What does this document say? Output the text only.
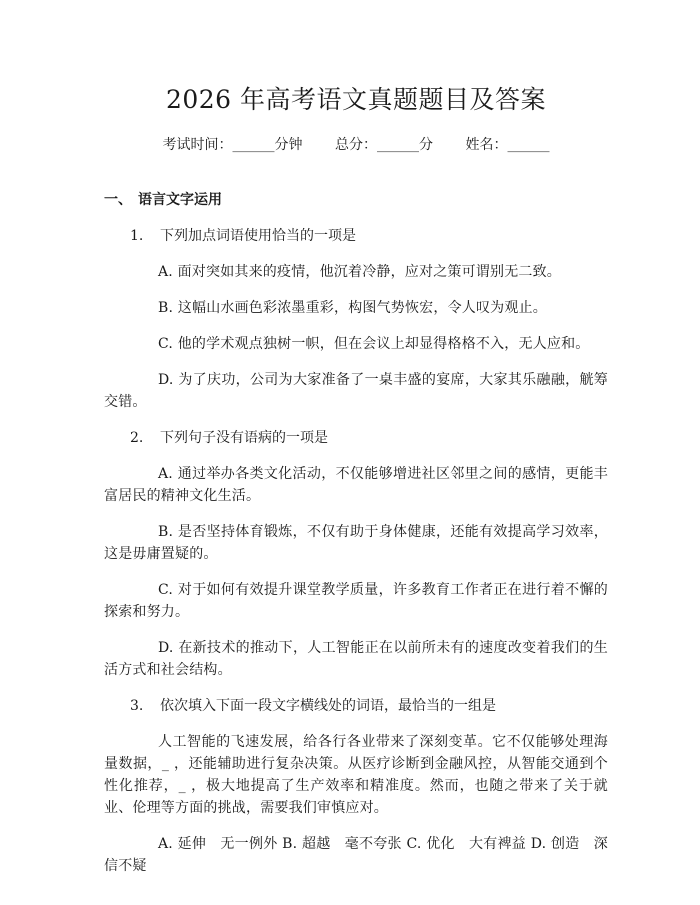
2026 年高考语文真题题目及答案
考试时间：______分钟 总分：______分 姓名：______
一、 语言文字运用
1. 下列加点词语使用恰当的一项是
A. 面对突如其来的疫情，他沉着冷静，应对之策可谓别无二致。
B. 这幅山水画色彩浓墨重彩，构图气势恢宏，令人叹为观止。
C. 他的学术观点独树一帜，但在会议上却显得格格不入，无人应和。
D. 为了庆功，公司为大家准备了一桌丰盛的宴席，大家其乐融融，觥筹交错。
2. 下列句子没有语病的一项是
A. 通过举办各类文化活动，不仅能够增进社区邻里之间的感情，更能丰富居民的精神文化生活。
B. 是否坚持体育锻炼，不仅有助于身体健康，还能有效提高学习效率，这是毋庸置疑的。
C. 对于如何有效提升课堂教学质量，许多教育工作者正在进行着不懈的探索和努力。
D. 在新技术的推动下，人工智能正在以前所未有的速度改变着我们的生活方式和社会结构。
3. 依次填入下面一段文字横线处的词语，最恰当的一组是
人工智能的飞速发展，给各行各业带来了深刻变革。它不仅能够处理海量数据，_ ，还能辅助进行复杂决策。从医疗诊断到金融风控，从智能交通到个性化推荐，_ ，极大地提高了生产效率和精准度。然而，也随之带来了关于就业、伦理等方面的挑战，需要我们审慎应对。
A. 延伸　无一例外 B. 超越　毫不夸张 C. 优化　大有裨益 D. 创造　深信不疑
